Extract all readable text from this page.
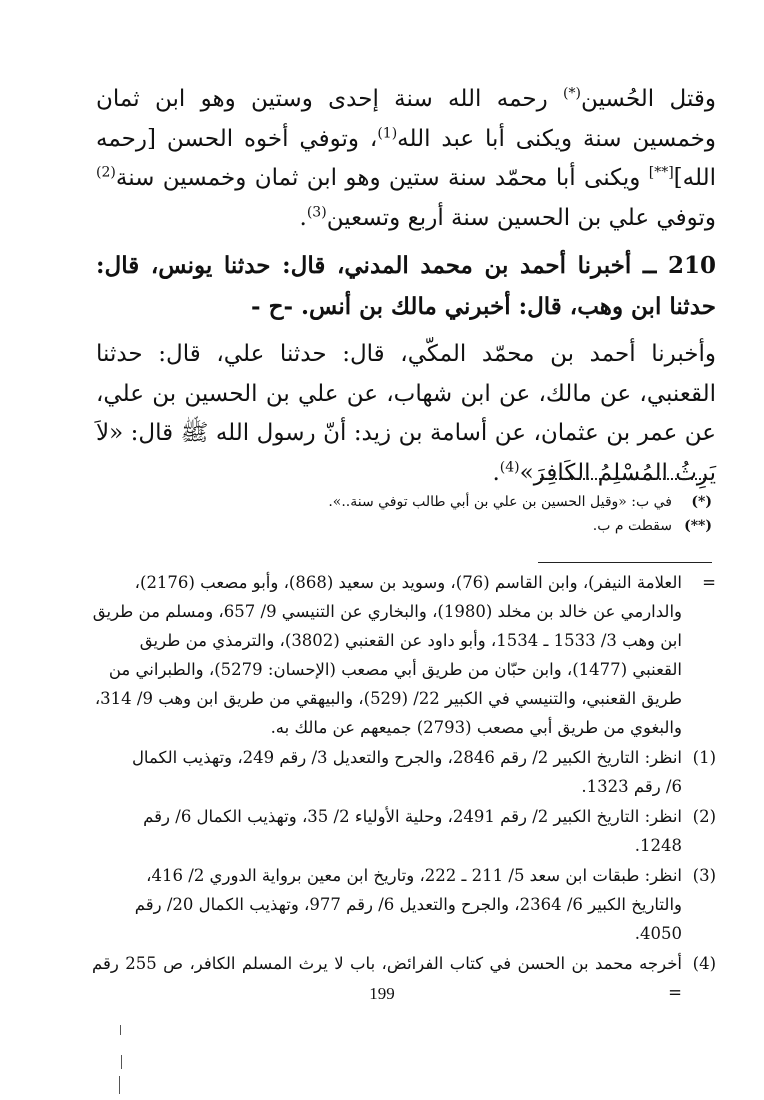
وقتل الحُسين(*) رحمه الله سنة إحدى وستين وهو ابن ثمان وخمسين سنة ويكنى أبا عبد الله$^{(1)}$، وتوفي أخوه الحسن [رحمه الله][**] ويكنى أبا محمّد سنة ستين وهو ابن ثمان وخمسين سنة$^{(2)}$ وتوفي علي بن الحسين سنة أربع وتسعين$^{(3)}$.

210 ــ أخبرنا أحمد بن محمد المدني، قال: حدثنا يونس، قال: حدثنا ابن وهب، قال: أخبرني مالك بن أنس. -ح -

وأخبرنا أحمد بن محمّد المكّي، قال: حدثنا علي، قال: حدثنا القعنبي، عن مالك، عن ابن شهاب، عن علي بن الحسين بن علي، عن عمر بن عثمان، عن أسامة بن زيد: أنّ رسول الله ﷺ قال: «لاَ يَرِثُ المُسْلِمُ الكَافِرَ»$^{(4)}$.

(*)
في ب: «وقيل الحسين بن علي بن أبي طالب توفي سنة..».
(**)
سقطت م ب.
=
العلامة النيفر)، وابن القاسم (76)، وسويد بن سعيد (868)، وأبو مصعب (2176)،
والدارمي عن خالد بن مخلد (1980)، والبخاري عن التنيسي 9/ 657، ومسلم من طريق
ابن وهب 3/ 1533 ـ 1534، وأبو داود عن القعنبي (3802)، والترمذي من طريق
القعنبي (1477)، وابن حبّان من طريق أبي مصعب (الإحسان: 5279)، والطبراني من
طريق القعنبي، والتنيسي في الكبير 22/ (529)، والبيهقي من طريق ابن وهب 9/ 314،
والبغوي من طريق أبي مصعب (2793) جميعهم عن مالك به.
(1)
انظر: التاريخ الكبير 2/ رقم 2846، والجرح والتعديل 3/ رقم 249، وتهذيب الكمال
6/ رقم 1323.
(2)
انظر: التاريخ الكبير 2/ رقم 2491، وحلية الأولياء 2/ 35، وتهذيب الكمال 6/ رقم
1248.
(3)
انظر: طبقات ابن سعد 5/ 211 ـ 222، وتاريخ ابن معين برواية الدوري 2/ 416،
والتاريخ الكبير 6/ 2364، والجرح والتعديل 6/ رقم 977، وتهذيب الكمال 20/ رقم
4050.
(4)
أخرجه محمد بن الحسن في كتاب الفرائض، باب لا يرث المسلم الكافر، ص 255 رقم =
199
